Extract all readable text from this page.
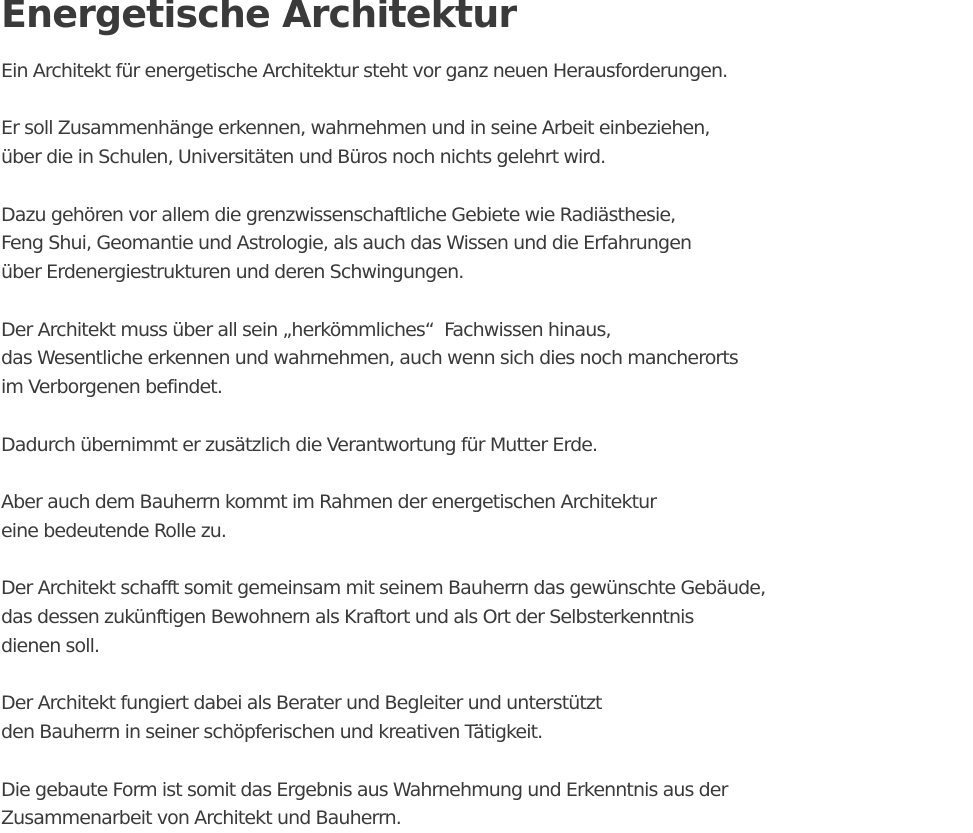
Energetische Architektur

Ein Architekt für energetische Architektur steht vor ganz neuen Herausforderungen.

Er soll Zusammenhänge erkennen, wahrnehmen und in seine Arbeit einbeziehen,
über die in Schulen, Universitäten und Büros noch nichts gelehrt wird.

Dazu gehören vor allem die grenzwissenschaftliche Gebiete wie Radiästhesie,
Feng Shui, Geomantie und Astrologie, als auch das Wissen und die Erfahrungen
über Erdenergiestrukturen und deren Schwingungen.

Der Architekt muss über all sein „herkömmliches“  Fachwissen hinaus,
das Wesentliche erkennen und wahrnehmen, auch wenn sich dies noch mancherorts
im Verborgenen befindet.

Dadurch übernimmt er zusätzlich die Verantwortung für Mutter Erde.

Aber auch dem Bauherrn kommt im Rahmen der energetischen Architektur
eine bedeutende Rolle zu.

Der Architekt schafft somit gemeinsam mit seinem Bauherrn das gewünschte Gebäude,
das dessen zukünftigen Bewohnern als Kraftort und als Ort der Selbsterkenntnis
dienen soll.

Der Architekt fungiert dabei als Berater und Begleiter und unterstützt
den Bauherrn in seiner schöpferischen und kreativen Tätigkeit.

Die gebaute Form ist somit das Ergebnis aus Wahrnehmung und Erkenntnis aus der
Zusammenarbeit von Architekt und Bauherrn.
